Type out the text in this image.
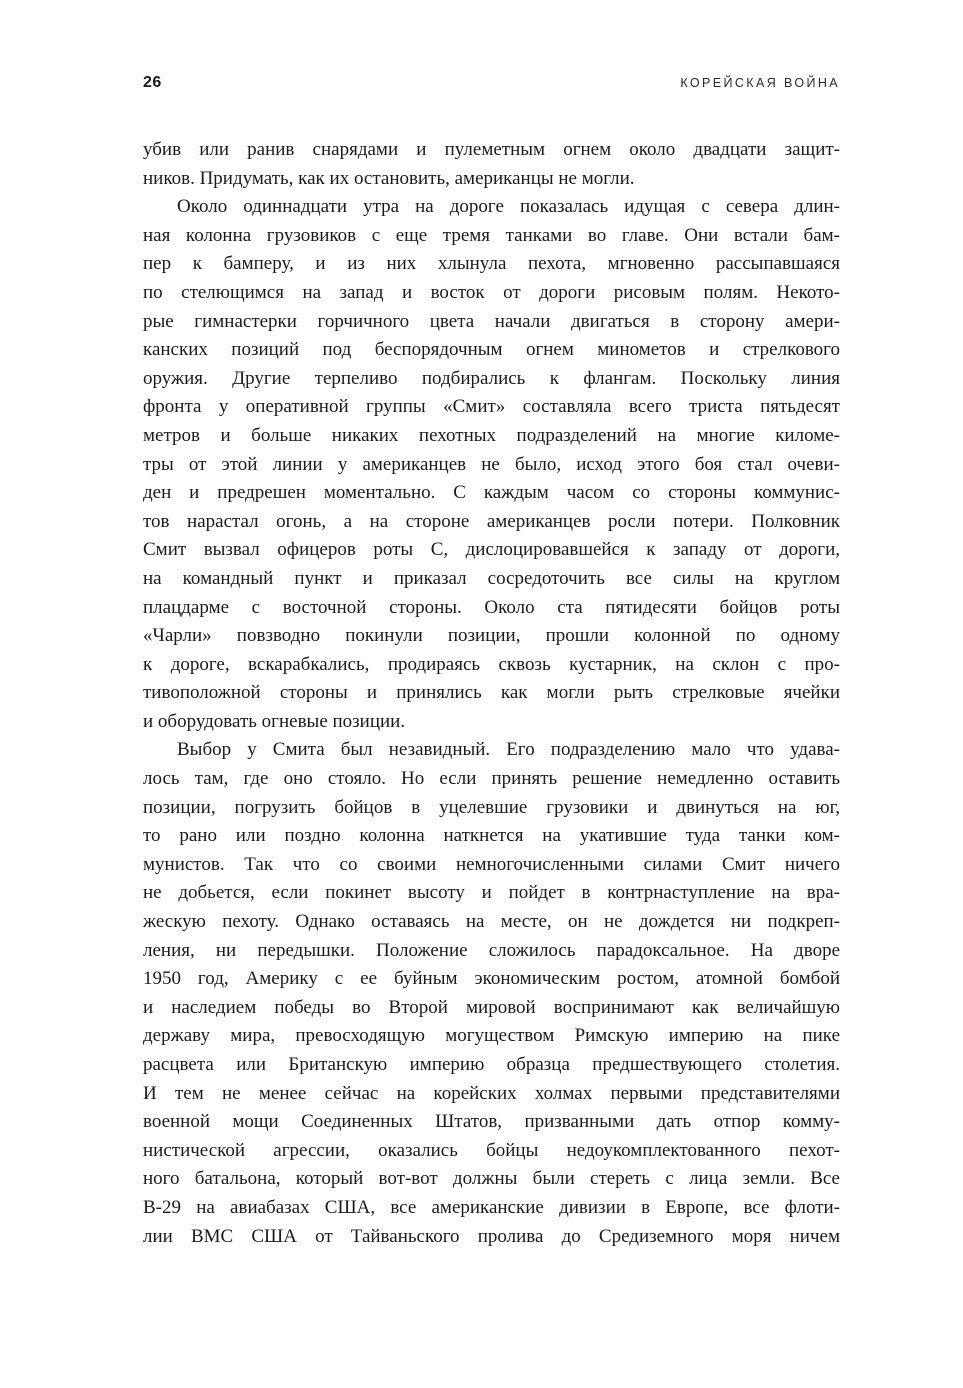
26	КОРЕЙСКАЯ ВОЙНА
убив или ранив снарядами и пулеметным огнем около двадцати защит-
ников. Придумать, как их остановить, американцы не могли.
Около одиннадцати утра на дороге показалась идущая с севера длин-
ная колонна грузовиков с еще тремя танками во главе. Они встали бам-
пер к бамперу, и из них хлынула пехота, мгновенно рассыпавшаяся
по стелющимся на запад и восток от дороги рисовым полям. Некото-
рые гимнастерки горчичного цвета начали двигаться в сторону амери-
канских позиций под беспорядочным огнем минометов и стрелкового
оружия. Другие терпеливо подбирались к флангам. Поскольку линия
фронта у оперативной группы «Смит» составляла всего триста пятьдесят
метров и больше никаких пехотных подразделений на многие киломе-
тры от этой линии у американцев не было, исход этого боя стал очеви-
ден и предрешен моментально. С каждым часом со стороны коммунис-
тов нарастал огонь, а на стороне американцев росли потери. Полковник
Смит вызвал офицеров роты C, дислоцировавшейся к западу от дороги,
на командный пункт и приказал сосредоточить все силы на круглом
плацдарме с восточной стороны. Около ста пятидесяти бойцов роты
«Чарли» повзводно покинули позиции, прошли колонной по одному
к дороге, вскарабкались, продираясь сквозь кустарник, на склон с про-
тивоположной стороны и принялись как могли рыть стрелковые ячейки
и оборудовать огневые позиции.
Выбор у Смита был незавидный. Его подразделению мало что удава-
лось там, где оно стояло. Но если принять решение немедленно оставить
позиции, погрузить бойцов в уцелевшие грузовики и двинуться на юг,
то рано или поздно колонна наткнется на укатившие туда танки ком-
мунистов. Так что со своими немногочисленными силами Смит ничего
не добьется, если покинет высоту и пойдет в контрнаступление на вра-
жескую пехоту. Однако оставаясь на месте, он не дождется ни подкреп-
ления, ни передышки. Положение сложилось парадоксальное. На дворе
1950 год, Америку с ее буйным экономическим ростом, атомной бомбой
и наследием победы во Второй мировой воспринимают как величайшую
державу мира, превосходящую могуществом Римскую империю на пике
расцвета или Британскую империю образца предшествующего столетия.
И тем не менее сейчас на корейских холмах первыми представителями
военной мощи Соединенных Штатов, призванными дать отпор комму-
нистической агрессии, оказались бойцы недоукомплектованного пехот-
ного батальона, который вот-вот должны были стереть с лица земли. Все
B-29 на авиабазах США, все американские дивизии в Европе, все флоти-
лии ВМС США от Тайваньского пролива до Средиземного моря ничем
